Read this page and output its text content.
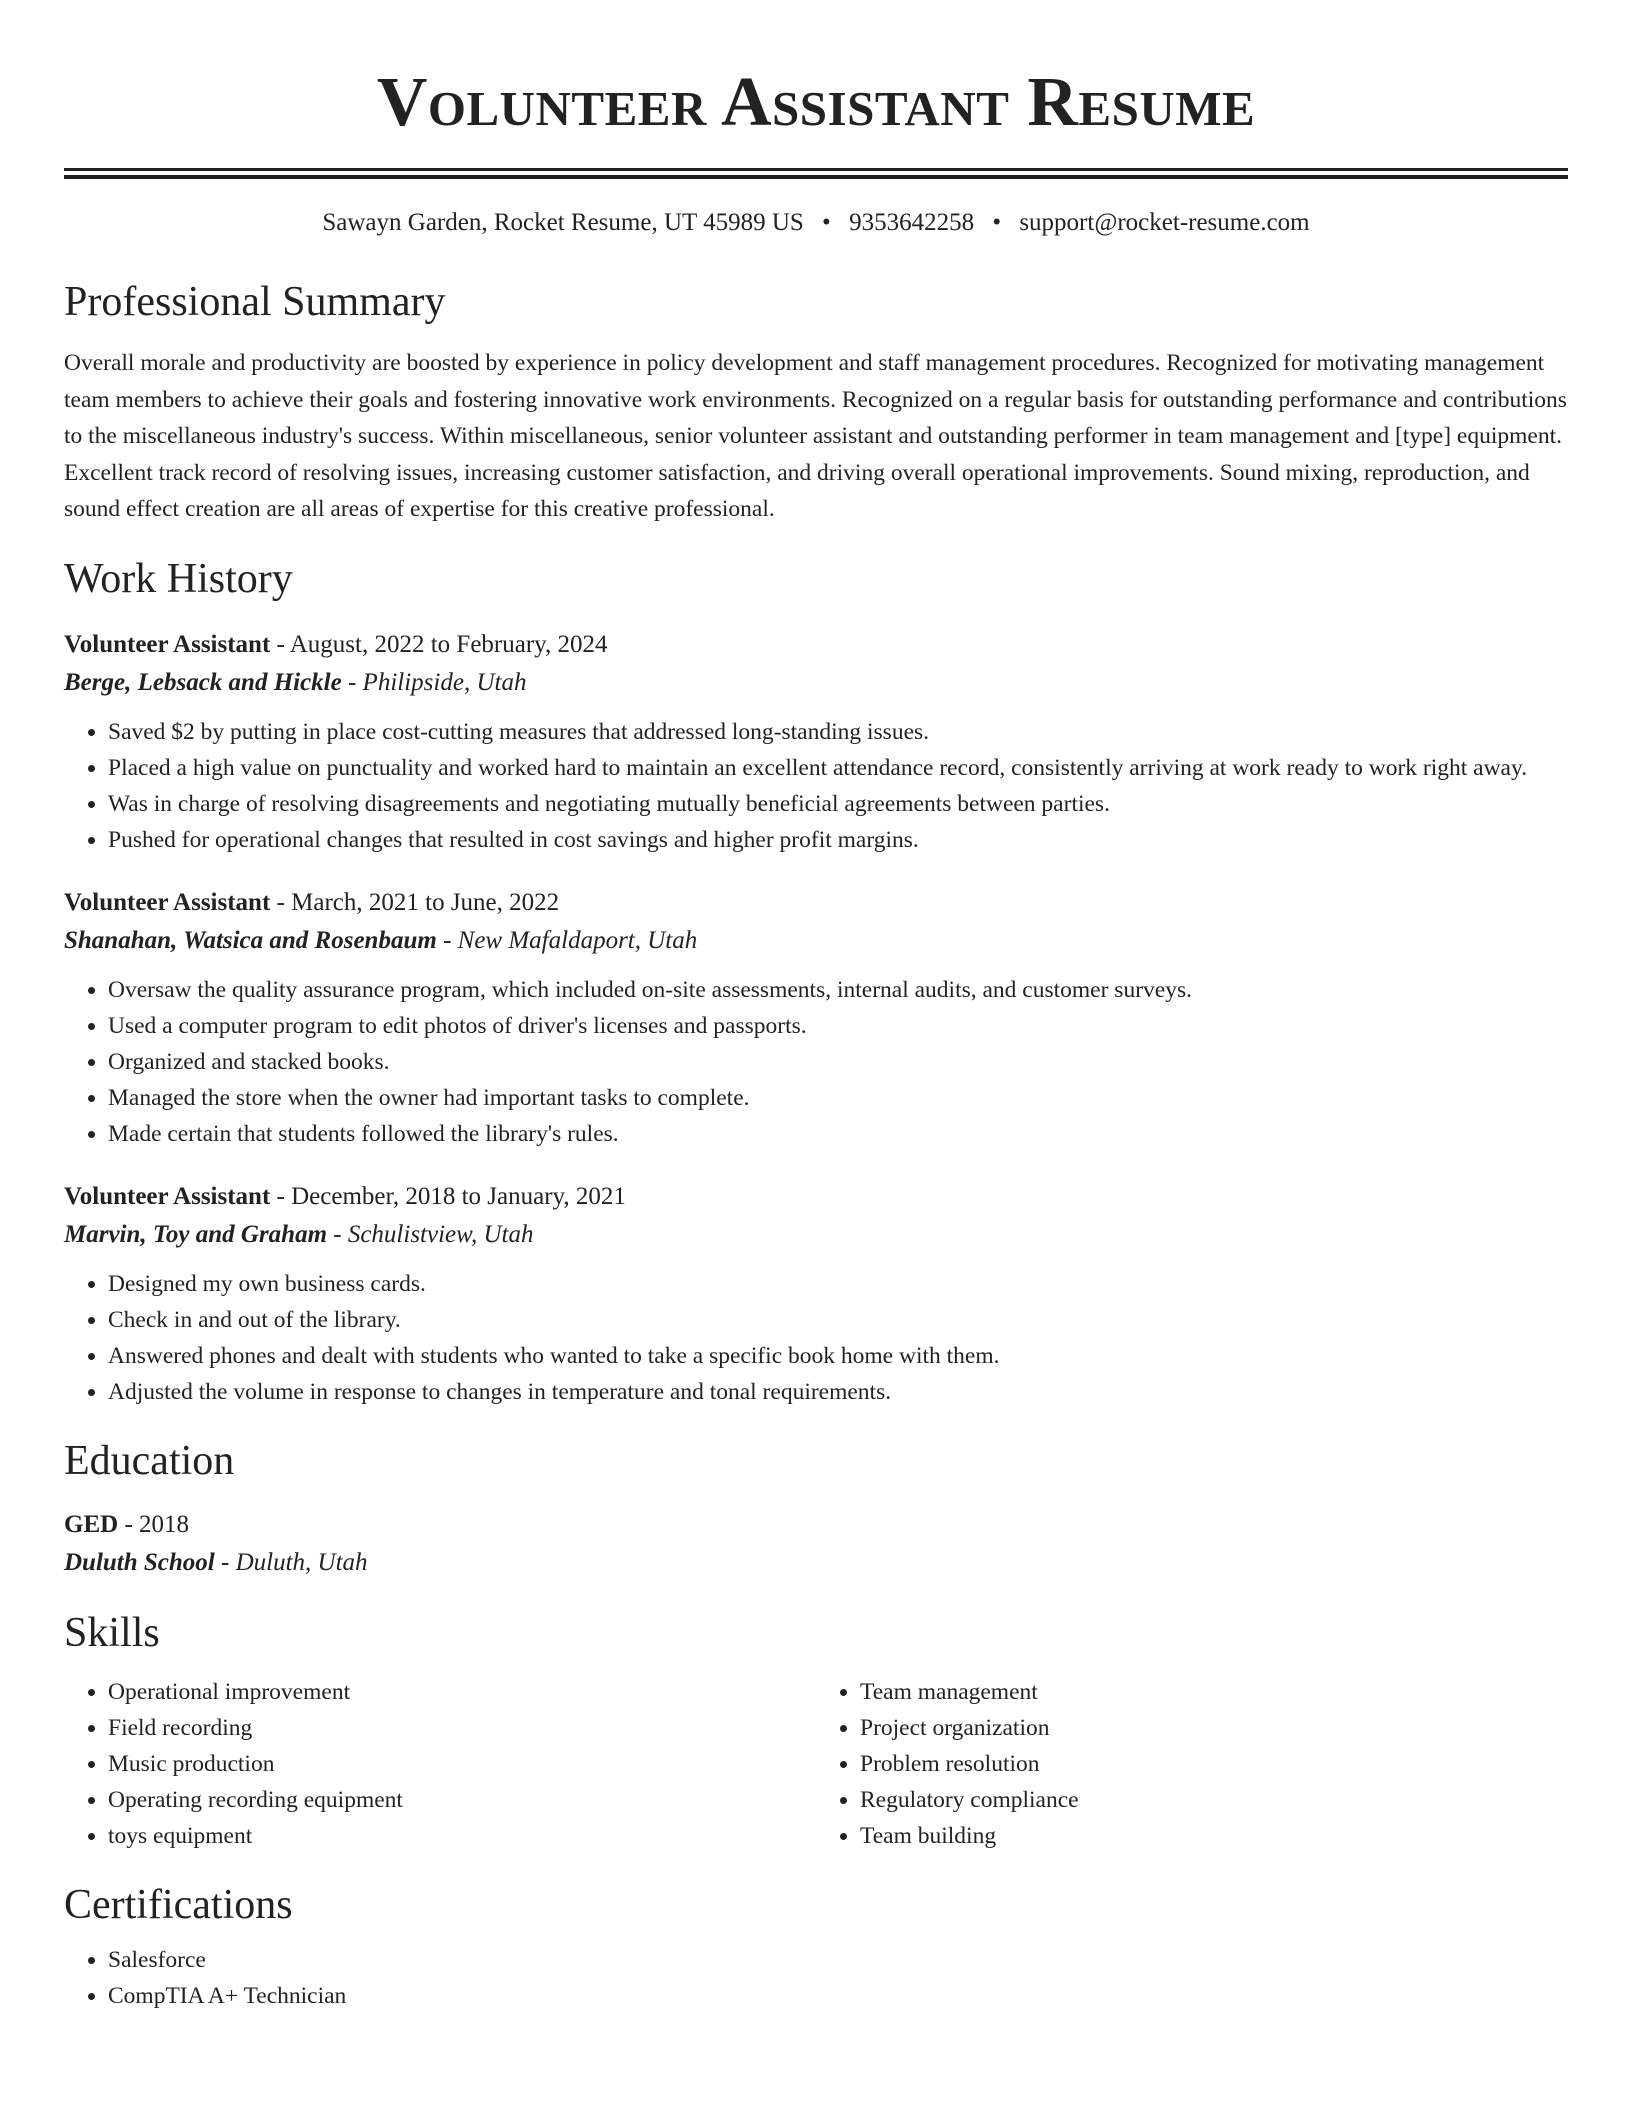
Volunteer Assistant Resume
Sawayn Garden, Rocket Resume, UT 45989 US • 9353642258 • support@rocket-resume.com
Professional Summary

Overall morale and productivity are boosted by experience in policy development and staff management procedures. Recognized for motivating management team members to achieve their goals and fostering innovative work environments. Recognized on a regular basis for outstanding performance and contributions to the miscellaneous industry's success. Within miscellaneous, senior volunteer assistant and outstanding performer in team management and [type] equipment. Excellent track record of resolving issues, increasing customer satisfaction, and driving overall operational improvements. Sound mixing, reproduction, and sound effect creation are all areas of expertise for this creative professional.

Work History
Volunteer Assistant - August, 2022 to February, 2024
Berge, Lebsack and Hickle - Philipside, Utah
• Saved $2 by putting in place cost-cutting measures that addressed long-standing issues.
• Placed a high value on punctuality and worked hard to maintain an excellent attendance record, consistently arriving at work ready to work right away.
• Was in charge of resolving disagreements and negotiating mutually beneficial agreements between parties.
• Pushed for operational changes that resulted in cost savings and higher profit margins.
Volunteer Assistant - March, 2021 to June, 2022
Shanahan, Watsica and Rosenbaum - New Mafaldaport, Utah
• Oversaw the quality assurance program, which included on-site assessments, internal audits, and customer surveys.
• Used a computer program to edit photos of driver's licenses and passports.
• Organized and stacked books.
• Managed the store when the owner had important tasks to complete.
• Made certain that students followed the library's rules.
Volunteer Assistant - December, 2018 to January, 2021
Marvin, Toy and Graham - Schulistview, Utah
• Designed my own business cards.
• Check in and out of the library.
• Answered phones and dealt with students who wanted to take a specific book home with them.
• Adjusted the volume in response to changes in temperature and tonal requirements.
Education
GED - 2018
Duluth School - Duluth, Utah
Skills
• Operational improvement
• Field recording
• Music production
• Operating recording equipment
• toys equipment
• Team management
• Project organization
• Problem resolution
• Regulatory compliance
• Team building
Certifications
• Salesforce
• CompTIA A+ Technician
